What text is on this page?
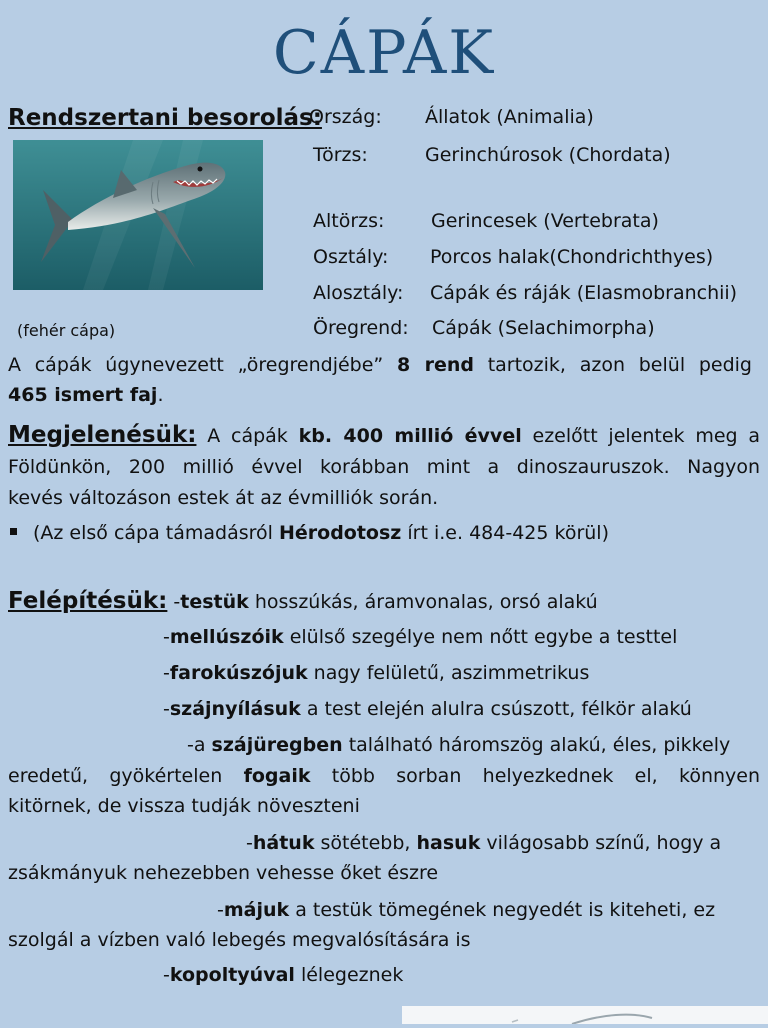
CÁPÁK
Rendszertani besorolás:
Ország: Állatok (Animalia)
Törzs:	Gerinchúrosok (Chordata)
Altörzs: Gerincesek (Vertebrata)
Osztály: Porcos halak(Chondrichthyes)
Alosztály: Cápák és ráják (Elasmobranchii)
Öregrend: Cápák (Selachimorpha)
(fehér cápa)
A cápák úgynevezett „öregrendjébe” 8 rend tartozik, azon belül pedig
465 ismert faj.
Megjelenésük: A cápák kb. 400 millió évvel ezelőtt jelentek meg a
Földünkön, 200 millió évvel korábban mint a dinoszauruszok. Nagyon
kevés változáson estek át az évmilliók során.
(Az első cápa támadásról Hérodotosz írt i.e. 484-425 körül)
Felépítésük: -testük hosszúkás, áramvonalas, orsó alakú
-mellúszóik elülső szegélye nem nőtt egybe a testtel
-farokúszójuk nagy felületű, aszimmetrikus
-szájnyílásuk a test elején alulra csúszott, félkör alakú
-a szájüregben található háromszög alakú, éles, pikkely
eredetű, gyökértelen fogaik több sorban helyezkednek el, könnyen
kitörnek, de vissza tudják növeszteni
-hátuk sötétebb, hasuk világosabb színű, hogy a
zsákmányuk nehezebben vehesse őket észre
-májuk a testük tömegének negyedét is kiteheti, ez
szolgál a vízben való lebegés megvalósítására is
-kopoltyúval lélegeznek
